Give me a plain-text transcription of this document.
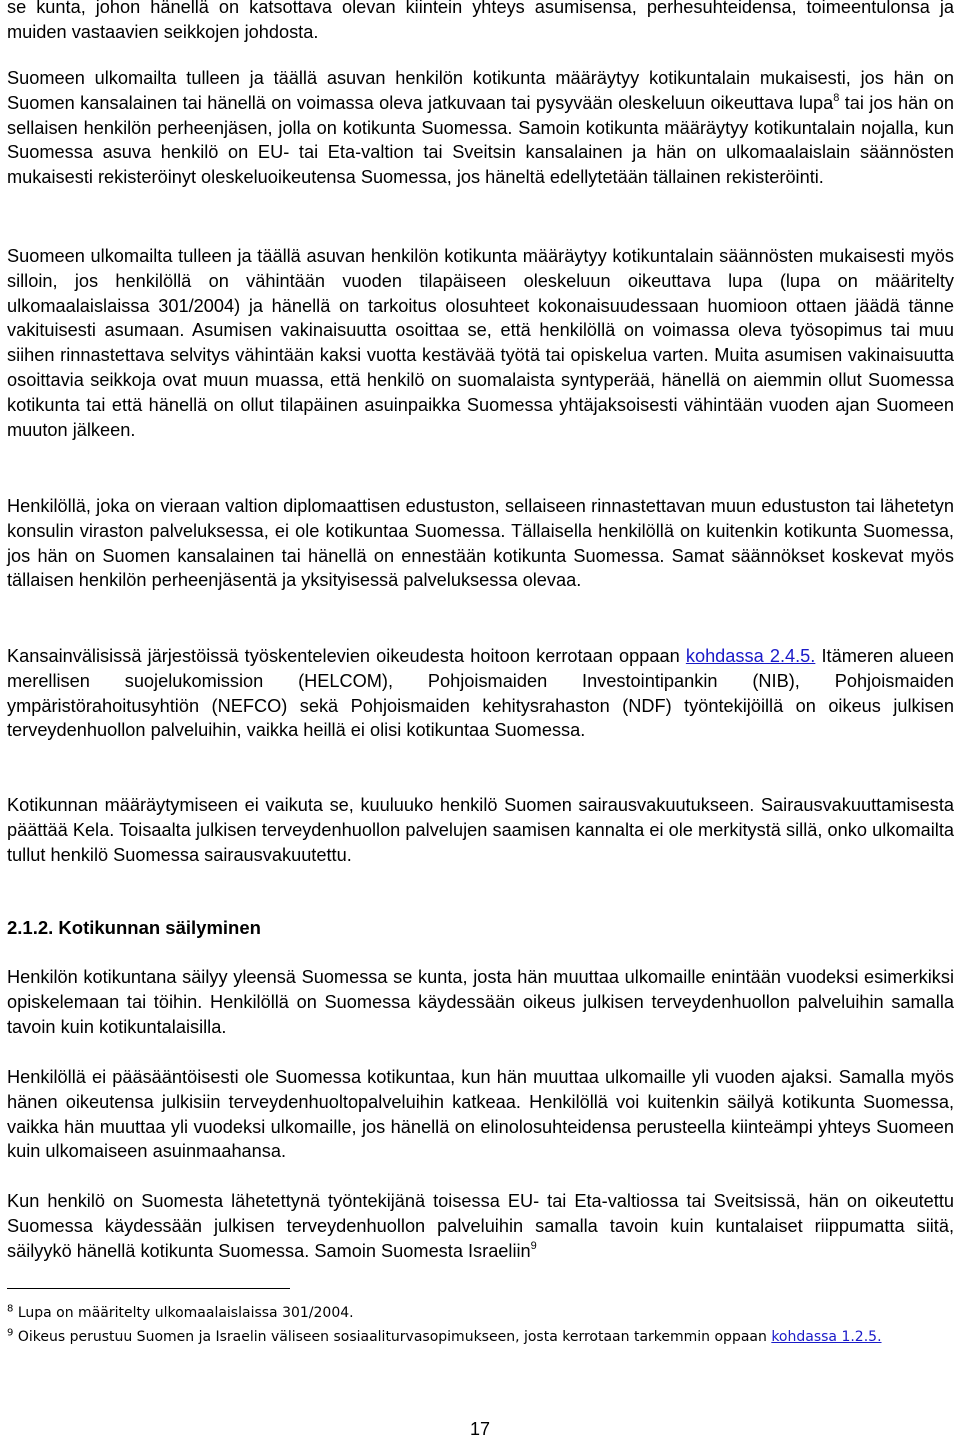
se kunta, johon hänellä on katsottava olevan kiintein yhteys asumisensa, perhesuhteidensa, toimeentulonsa ja muiden vastaavien seikkojen johdosta.

Suomeen ulkomailta tulleen ja täällä asuvan henkilön kotikunta määräytyy kotikuntalain mukaisesti, jos hän on Suomen kansalainen tai hänellä on voimassa oleva jatkuvaan tai pysyvään oleskeluun oikeuttava lupa$^8$ tai jos hän on sellaisen henkilön perheenjäsen, jolla on kotikunta Suomessa. Samoin kotikunta määräytyy kotikuntalain nojalla, kun Suomessa asuva henkilö on EU- tai Eta-valtion tai Sveitsin kansalainen ja hän on ulkomaalaislain säännösten mukaisesti rekisteröinyt oleskeluoikeutensa Suomessa, jos häneltä edellytetään tällainen rekisteröinti.

Suomeen ulkomailta tulleen ja täällä asuvan henkilön kotikunta määräytyy kotikuntalain säännösten mukaisesti myös silloin, jos henkilöllä on vähintään vuoden tilapäiseen oleskeluun oikeuttava lupa (lupa on määritelty ulkomaalaislaissa 301/2004) ja hänellä on tarkoitus olosuhteet kokonaisuudessaan huomioon ottaen jäädä tänne vakituisesti asumaan. Asumisen vakinaisuutta osoittaa se, että henkilöllä on voimassa oleva työsopimus tai muu siihen rinnastettava selvitys vähintään kaksi vuotta kestävää työtä tai opiskelua varten. Muita asumisen vakinaisuutta osoittavia seikkoja ovat muun muassa, että henkilö on suomalaista syntyperää, hänellä on aiemmin ollut Suomessa kotikunta tai että hänellä on ollut tilapäinen asuinpaikka Suomessa yhtäjaksoisesti vähintään vuoden ajan Suomeen muuton jälkeen.

Henkilöllä, joka on vieraan valtion diplomaattisen edustuston, sellaiseen rinnastettavan muun edustuston tai lähetetyn konsulin viraston palveluksessa, ei ole kotikuntaa Suomessa. Tällaisella henkilöllä on kuitenkin kotikunta Suomessa, jos hän on Suomen kansalainen tai hänellä on ennestään kotikunta Suomessa. Samat säännökset koskevat myös tällaisen henkilön perheenjäsentä ja yksityisessä palveluksessa olevaa.

Kansainvälisissä järjestöissä työskentelevien oikeudesta hoitoon kerrotaan oppaan kohdassa 2.4.5. Itämeren alueen merellisen suojelukomission (HELCOM), Pohjoismaiden Investointipankin (NIB), Pohjoismaiden ympäristörahoitusyhtiön (NEFCO) sekä Pohjoismaiden kehitysrahaston (NDF) työntekijöillä on oikeus julkisen terveydenhuollon palveluihin, vaikka heillä ei olisi kotikuntaa Suomessa.

Kotikunnan määräytymiseen ei vaikuta se, kuuluuko henkilö Suomen sairausvakuutukseen. Sairausvakuuttamisesta päättää Kela. Toisaalta julkisen terveydenhuollon palvelujen saamisen kannalta ei ole merkitystä sillä, onko ulkomailta tullut henkilö Suomessa sairausvakuutettu.

2.1.2. Kotikunnan säilyminen

Henkilön kotikuntana säilyy yleensä Suomessa se kunta, josta hän muuttaa ulkomaille enintään vuodeksi esimerkiksi opiskelemaan tai töihin. Henkilöllä on Suomessa käydessään oikeus julkisen terveydenhuollon palveluihin samalla tavoin kuin kotikuntalaisilla.

Henkilöllä ei pääsääntöisesti ole Suomessa kotikuntaa, kun hän muuttaa ulkomaille yli vuoden ajaksi. Samalla myös hänen oikeutensa julkisiin terveydenhuoltopalveluihin katkeaa. Henkilöllä voi kuitenkin säilyä kotikunta Suomessa, vaikka hän muuttaa yli vuodeksi ulkomaille, jos hänellä on elinolosuhteidensa perusteella kiinteämpi yhteys Suomeen kuin ulkomaiseen asuinmaahansa.

Kun henkilö on Suomesta lähetettynä työntekijänä toisessa EU- tai Eta-valtiossa tai Sveitsissä, hän on oikeutettu Suomessa käydessään julkisen terveydenhuollon palveluihin samalla tavoin kuin kuntalaiset riippumatta siitä, säilyykö hänellä kotikunta Suomessa. Samoin Suomesta Israeliin$^9$

$^8$ Lupa on määritelty ulkomaalaislaissa 301/2004.

$^9$ Oikeus perustuu Suomen ja Israelin väliseen sosiaaliturvasopimukseen, josta kerrotaan tarkemmin oppaan kohdassa 1.2.5.

17
